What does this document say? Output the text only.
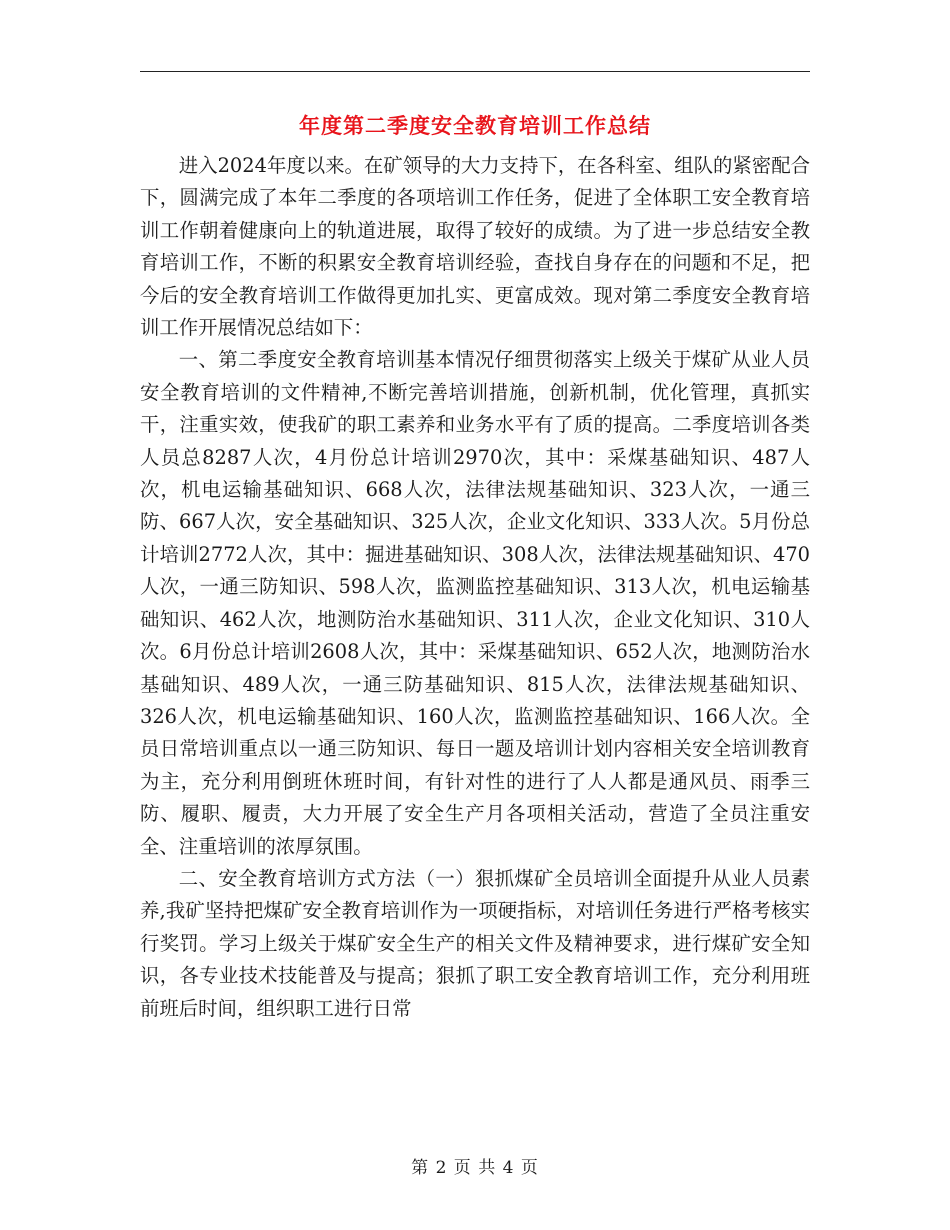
年度第二季度安全教育培训工作总结

进入2024年度以来。在矿领导的大力支持下，在各科室、组队的紧密配合下，圆满完成了本年二季度的各项培训工作任务，促进了全体职工安全教育培训工作朝着健康向上的轨道进展，取得了较好的成绩。为了进一步总结安全教育培训工作，不断的积累安全教育培训经验，查找自身存在的问题和不足，把今后的安全教育培训工作做得更加扎实、更富成效。现对第二季度安全教育培训工作开展情况总结如下：

一、第二季度安全教育培训基本情况仔细贯彻落实上级关于煤矿从业人员安全教育培训的文件精神,不断完善培训措施，创新机制，优化管理，真抓实干，注重实效，使我矿的职工素养和业务水平有了质的提高。二季度培训各类人员总8287人次，4月份总计培训2970次，其中：采煤基础知识、487人次，机电运输基础知识、668人次，法律法规基础知识、323人次，一通三防、667人次，安全基础知识、325人次，企业文化知识、333人次。5月份总计培训2772人次，其中：掘进基础知识、308人次，法律法规基础知识、470人次，一通三防知识、598人次，监测监控基础知识、313人次，机电运输基础知识、462人次，地测防治水基础知识、311人次，企业文化知识、310人次。6月份总计培训2608人次，其中：采煤基础知识、652人次，地测防治水基础知识、489人次，一通三防基础知识、815人次，法律法规基础知识、326人次，机电运输基础知识、160人次，监测监控基础知识、166人次。全员日常培训重点以一通三防知识、每日一题及培训计划内容相关安全培训教育为主，充分利用倒班休班时间，有针对性的进行了人人都是通风员、雨季三防、履职、履责，大力开展了安全生产月各项相关活动，营造了全员注重安全、注重培训的浓厚氛围。

二、安全教育培训方式方法（一）狠抓煤矿全员培训全面提升从业人员素养,我矿坚持把煤矿安全教育培训作为一项硬指标，对培训任务进行严格考核实行奖罚。学习上级关于煤矿安全生产的相关文件及精神要求，进行煤矿安全知识，各专业技术技能普及与提高；狠抓了职工安全教育培训工作，充分利用班前班后时间，组织职工进行日常

第 2 页 共 4 页
